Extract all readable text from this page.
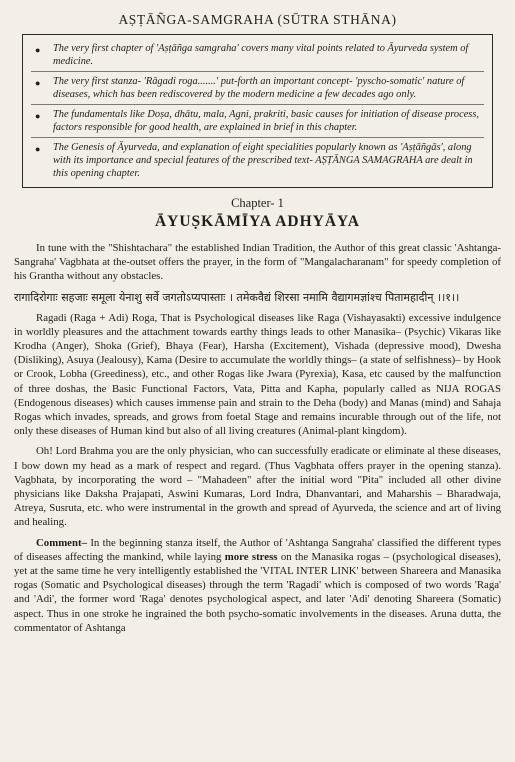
AṢṬĀÑGA-SAMGRAHA (SŪTRA STHĀNA)
● The very first chapter of 'Aṣṭāñga samgraha' covers many vital points related to Āyurveda system of medicine.
● The very first stanza- 'Rāgadi roga.......' put-forth an important concept- 'pyscho-somatic' nature of diseases, which has been rediscovered by the modern medicine a few decades ago only.
● The fundamentals like Doṣa, dhātu, mala, Agni, prakriti, basic causes for initiation of disease process, factors responsible for good health, are explained in brief in this chapter.
● The Genesis of Āyurveda, and explanation of eight specialities popularly known as 'Aṣṭāñgās', along with its importance and special features of the prescribed text- AṢṬĀNGA SAMAGRAHA are dealt in this opening chapter.
Chapter- 1
ĀYUṢKĀMĪYA ADHYĀYA

In tune with the "Shishtachara" the established Indian Tradition, the Author of this great classic 'Ashtanga-Sangraha' Vagbhata at the-outset offers the prayer, in the form of "Mangalacharanam" for speedy completion of his Grantha without any obstacles.

रागादिरोगाः सहजाः समूला येनाशु सर्वे जगतोऽप्यपास्ताः । तमेकवैद्यं शिरसा नमामि वैद्यागमज्ञांश्च पितामहादीन् ।।१।।

Ragadi (Raga + Adi) Roga, That is Psychological diseases like Raga (Vishayasakti) excessive indulgence in worldly pleasures and the attachment towards earthy things leads to other Manasika– (Psychic) Vikaras like Krodha (Anger), Shoka (Grief), Bhaya (Fear), Harsha (Excitement), Vishada (depressive mood), Dwesha (Disliking), Asuya (Jealousy), Kama (Desire to accumulate the worldly things– (a state of selfishness)– by Hook or Crook, Lobha (Greediness), etc., and other Rogas like Jwara (Pyrexia), Kasa, etc caused by the malfunction of three doshas, the Basic Functional Factors, Vata, Pitta and Kapha, popularly called as NIJA ROGAS (Endogenous diseases) which causes immense pain and strain to the Deha (body) and Manas (mind) and Sahaja Rogas which invades, spreads, and grows from foetal Stage and remains incurable through out of the life, not only these diseases of Human kind but also of all living creatures (Animal-plant kingdom).

Oh! Lord Brahma you are the only physician, who can successfully eradicate or eliminate al these diseases, I bow down my head as a mark of respect and regard. (Thus Vagbhata offers prayer in the opening stanza). Vagbhata, by incorporating the word – "Mahadeen" after the initial word "Pita" included all other divine physicians like Daksha Prajapati, Aswini Kumaras, Lord Indra, Dhanvantari, and Maharshis – Bharadwaja, Atreya, Susruta, etc. who were instrumental in the growth and spread of Ayurveda, the science and art of living and healing.

Comment– In the beginning stanza itself, the Author of 'Ashtanga Sangraha' classified the different types of diseases affecting the mankind, while laying more stress on the Manasika rogas – (psychological diseases), yet at the same time he very intelligently established the 'VITAL INTER LINK' between Shareera and Manasika rogas (Somatic and Psychological diseases) through the term 'Ragadi' which is composed of two words 'Raga' and 'Adi', the former word 'Raga' denotes psychological aspect, and later 'Adi' denoting Shareera (Somatic) aspect. Thus in one stroke he ingrained the both psycho-somatic involvements in the diseases. Aruna dutta, the commentator of Ashtanga
